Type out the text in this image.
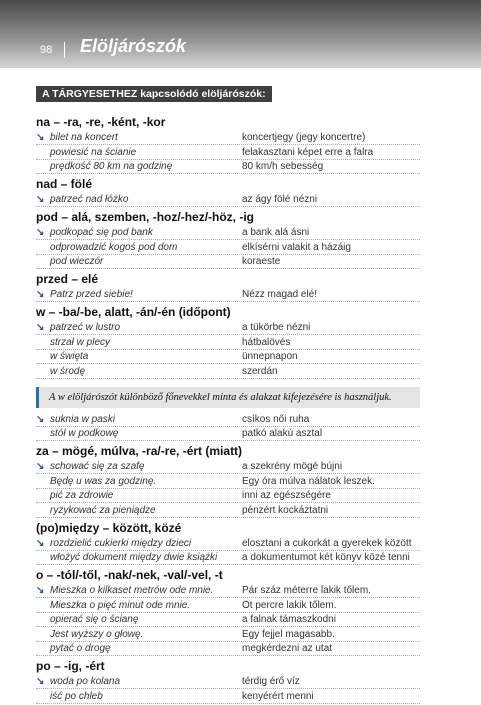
98 Elöljárószók
A TÁRGYESETHEZ kapcsolódó elöljárószók:
na – -ra, -re, -ként, -kor
↘ bilet na koncert	koncertjegy (jegy koncertre)
powiesić na ścianie	felakasztani képet erre a falra
prędkość 80 km na godzinę	80 km/h sebesség
nad – fölé
↘ patrzeć nad łóżko	az ágy fölé nézni
pod – alá, szemben, -hoz/-hez/-höz, -ig
↘ podkopać się pod bank	a bank alá ásni
odprowadzić kogoś pod dom	elkísérni valakit a házáig
pod wieczór	koraeste
przed – elé
↘ Patrz przed siebie!	Nézz magad elé!
w – -ba/-be, alatt, -án/-én (időpont)
↘ patrzeć w lustro	a tükörbe nézni
strzał w plecy	hátbalövés
w święta	ünnepnapon
w środę	szerdán
A w elöljárószót különböző főnevekkel minta és alakzat kifejezésére is használjuk.
↘ suknia w paski	csíkos női ruha
stół w podkowę	patkó alakú asztal
za – mögé, múlva, -ra/-re, -ért (miatt)
↘ schować się za szafę	a szekrény mögé bújni
Będę u was za godzinę.	Egy óra múlva nálatok leszek.
pić za zdrowie	inni az egészségére
ryzykować za pieniądze	pénzért kockáztatni
(po)między – között, közé
↘ rozdzielić cukierki między dzieci	elosztani a cukorkát a gyerekek között
włożyć dokument między dwie książki	a dokumentumot két könyv közé tenni
o – -tól/-től, -nak/-nek, -val/-vel, -t
↘ Mieszka o kilkaset metrów ode mnie.	Pár száz méterre lakik tőlem.
Mieszka o pięć minut ode mnie.	Öt percre lakik tőlem.
opierać się o ścianę	a falnak támaszkodni
Jest wyższy o głowę.	Egy fejjel magasabb.
pytać o drogę	megkérdezni az utat
po – -ig, -ért
↘ woda po kolana	térdig érő víz
iść po chleb	kenyérért menni
